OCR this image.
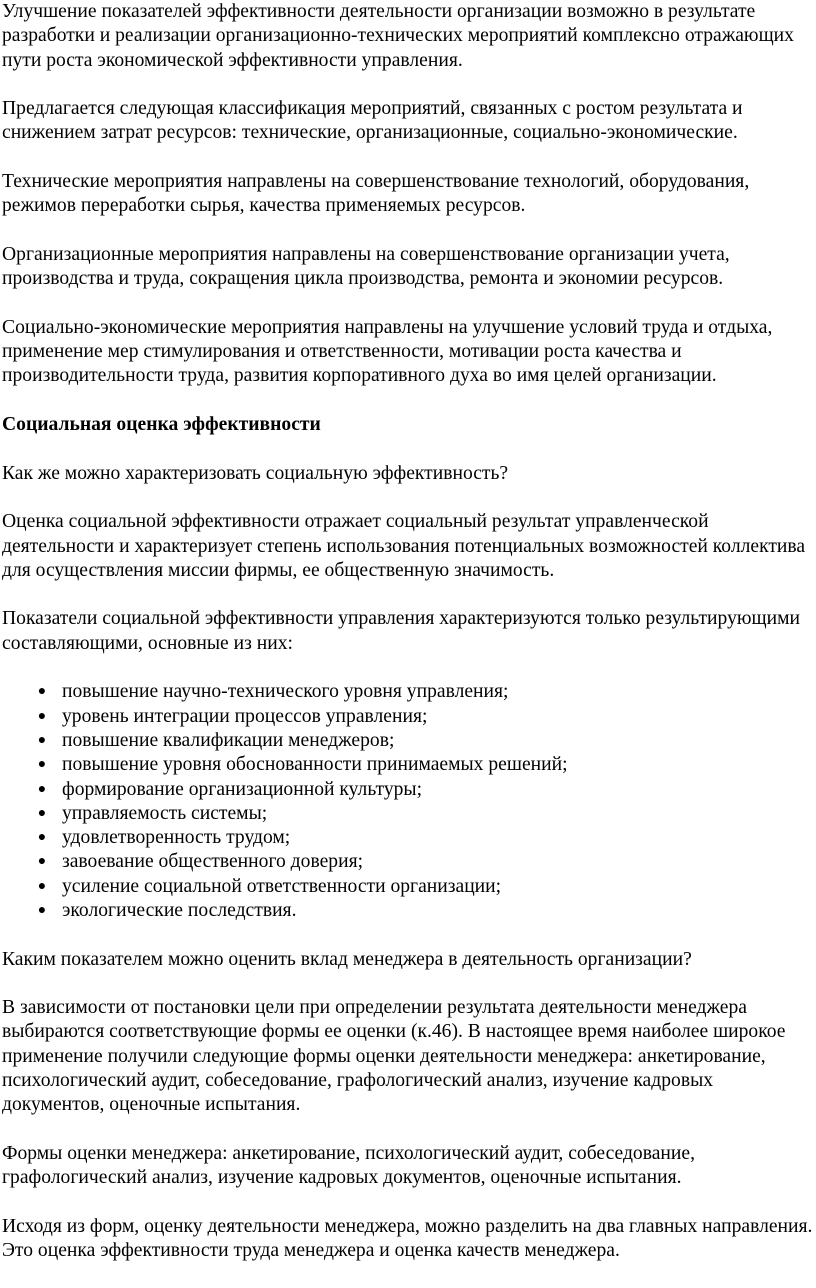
Улучшение показателей эффективности деятельности организации возможно в результате разработки и реализации организационно-технических мероприятий комплексно отражающих пути роста экономической эффективности управления.

Предлагается следующая классификация мероприятий, связанных с ростом результата и снижением затрат ресурсов: технические, организационные, социально-экономические.

Технические мероприятия направлены на совершенствование технологий, оборудования, режимов переработки сырья, качества применяемых ресурсов.

Организационные мероприятия направлены на совершенствование организации учета, производства и труда, сокращения цикла производства, ремонта и экономии ресурсов.

Социально-экономические мероприятия направлены на улучшение условий труда и отдыха, применение мер стимулирования и ответственности, мотивации роста качества и производительности труда, развития корпоративного духа во имя целей организации.

Социальная оценка эффективности

Как же можно характеризовать социальную эффективность?

Оценка социальной эффективности отражает социальный результат управленческой деятельности и характеризует степень использования потенциальных возможностей коллектива для осуществления миссии фирмы, ее общественную значимость.

Показатели социальной эффективности управления характеризуются только результирующими составляющими, основные из них:

● повышение научно-технического уровня управления;
● уровень интеграции процессов управления;
● повышение квалификации менеджеров;
● повышение уровня обоснованности принимаемых решений;
● формирование организационной культуры;
● управляемость системы;
● удовлетворенность трудом;
● завоевание общественного доверия;
● усиление социальной ответственности организации;
● экологические последствия.

Каким показателем можно оценить вклад менеджера в деятельность организации?

В зависимости от постановки цели при определении результата деятельности менеджера выбираются соответствующие формы ее оценки (к.46). В настоящее время наиболее широкое применение получили следующие формы оценки деятельности менеджера: анкетирование, психологический аудит, собеседование, графологический анализ, изучение кадровых документов, оценочные испытания.

Формы оценки менеджера: анкетирование, психологический аудит, собеседование, графологический анализ, изучение кадровых документов, оценочные испытания.

Исходя из форм, оценку деятельности менеджера, можно разделить на два главных направления. Это оценка эффективности труда менеджера и оценка качеств менеджера.
